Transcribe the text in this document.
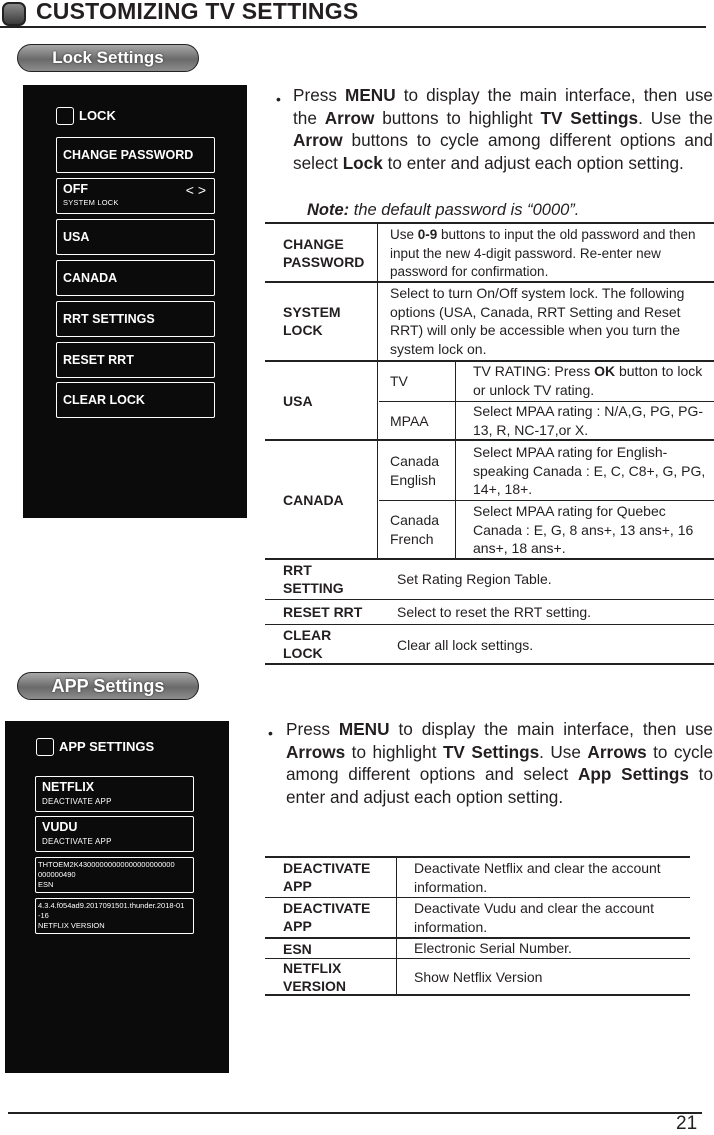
CUSTOMIZING TV SETTINGS
Lock Settings
LOCK
CHANGE PASSWORD
OFF
SYSTEM LOCK
< >
USA
CANADA
RRT SETTINGS
RESET RRT
CLEAR LOCK
• Press MENU to display the main interface, then use the Arrow buttons to highlight TV Settings. Use the Arrow buttons to cycle among different options and select Lock to enter and adjust each option setting.
Note: the default password is “0000”.
CHANGE
PASSWORD
Use 0-9 buttons to input the old password and then input the new 4-digit password. Re-enter new password for confirmation.
SYSTEM
LOCK
Select to turn On/Off system lock. The following options (USA, Canada, RRT Setting and Reset RRT) will only be accessible when you turn the system lock on.
USA
TV
TV RATING: Press OK button to lock or unlock TV rating.
MPAA
Select MPAA rating : N/A,G, PG, PG-13, R, NC-17,or X.
CANADA
Canada
English
Select MPAA rating for English-speaking Canada : E, C, C8+, G, PG, 14+, 18+.
Canada
French
Select MPAA rating for Quebec Canada : E, G, 8 ans+, 13 ans+, 16 ans+, 18 ans+.
RRT
SETTING
Set Rating Region Table.
RESET RRT Select to reset the RRT setting.
CLEAR
LOCK	Clear all lock settings.
APP Settings
APP SETTINGS
NETFLIX
DEACTIVATE APP
VUDU
DEACTIVATE APP
THTOEM2K43000000000000000000000
000000490
ESN
4.3.4.f054ad9.2017091501.thunder.2018-01
-16
NETFLIX VERSION
• Press MENU to display the main interface, then use Arrows to highlight TV Settings. Use Arrows to cycle among different options and select App Settings to enter and adjust each option setting.
DEACTIVATE
APP
Deactivate Netflix and clear the account information.
DEACTIVATE
APP
Deactivate Vudu and clear the account information.
ESN	Electronic Serial Number.
NETFLIX
VERSION
Show Netflix Version
21
